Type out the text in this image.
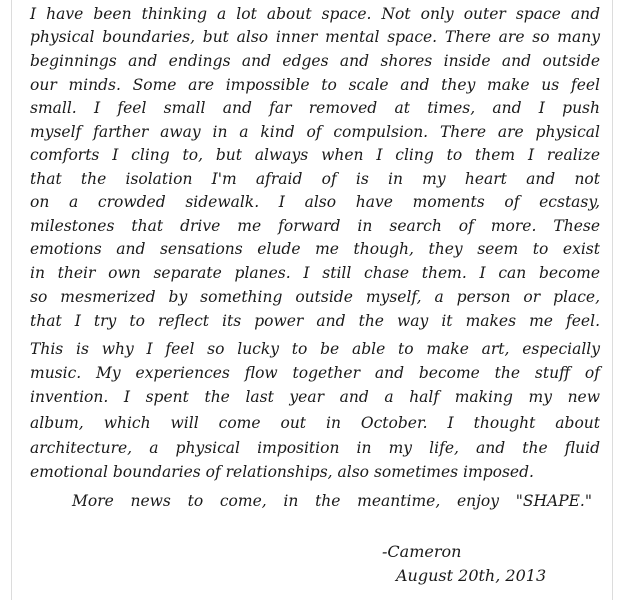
I have been thinking a lot about space. Not only outer space and

physical boundaries, but also inner mental space. There are so many

beginnings and endings and edges and shores inside and outside

our minds. Some are impossible to scale and they make us feel

small. I feel small and far removed at times, and I push

myself farther away in a kind of compulsion. There are physical

comforts I cling to, but always when I cling to them I realize

that the isolation I'm afraid of is in my heart and not

on a crowded sidewalk. I also have moments of ecstasy,

milestones that drive me forward in search of more. These

emotions and sensations elude me though, they seem to exist

in their own separate planes. I still chase them. I can become

so mesmerized by something outside myself, a person or place,

that I try to reflect its power and the way it makes me feel.

This is why I feel so lucky to be able to make art, especially

music. My experiences flow together and become the stuff of

invention. I spent the last year and a half making my new

album, which will come out in October. I thought about

architecture, a physical imposition in my life, and the fluid

emotional boundaries of relationships, also sometimes imposed.

More news to come, in the meantime, enjoy "SHAPE."

-Cameron

August 20th, 2013
